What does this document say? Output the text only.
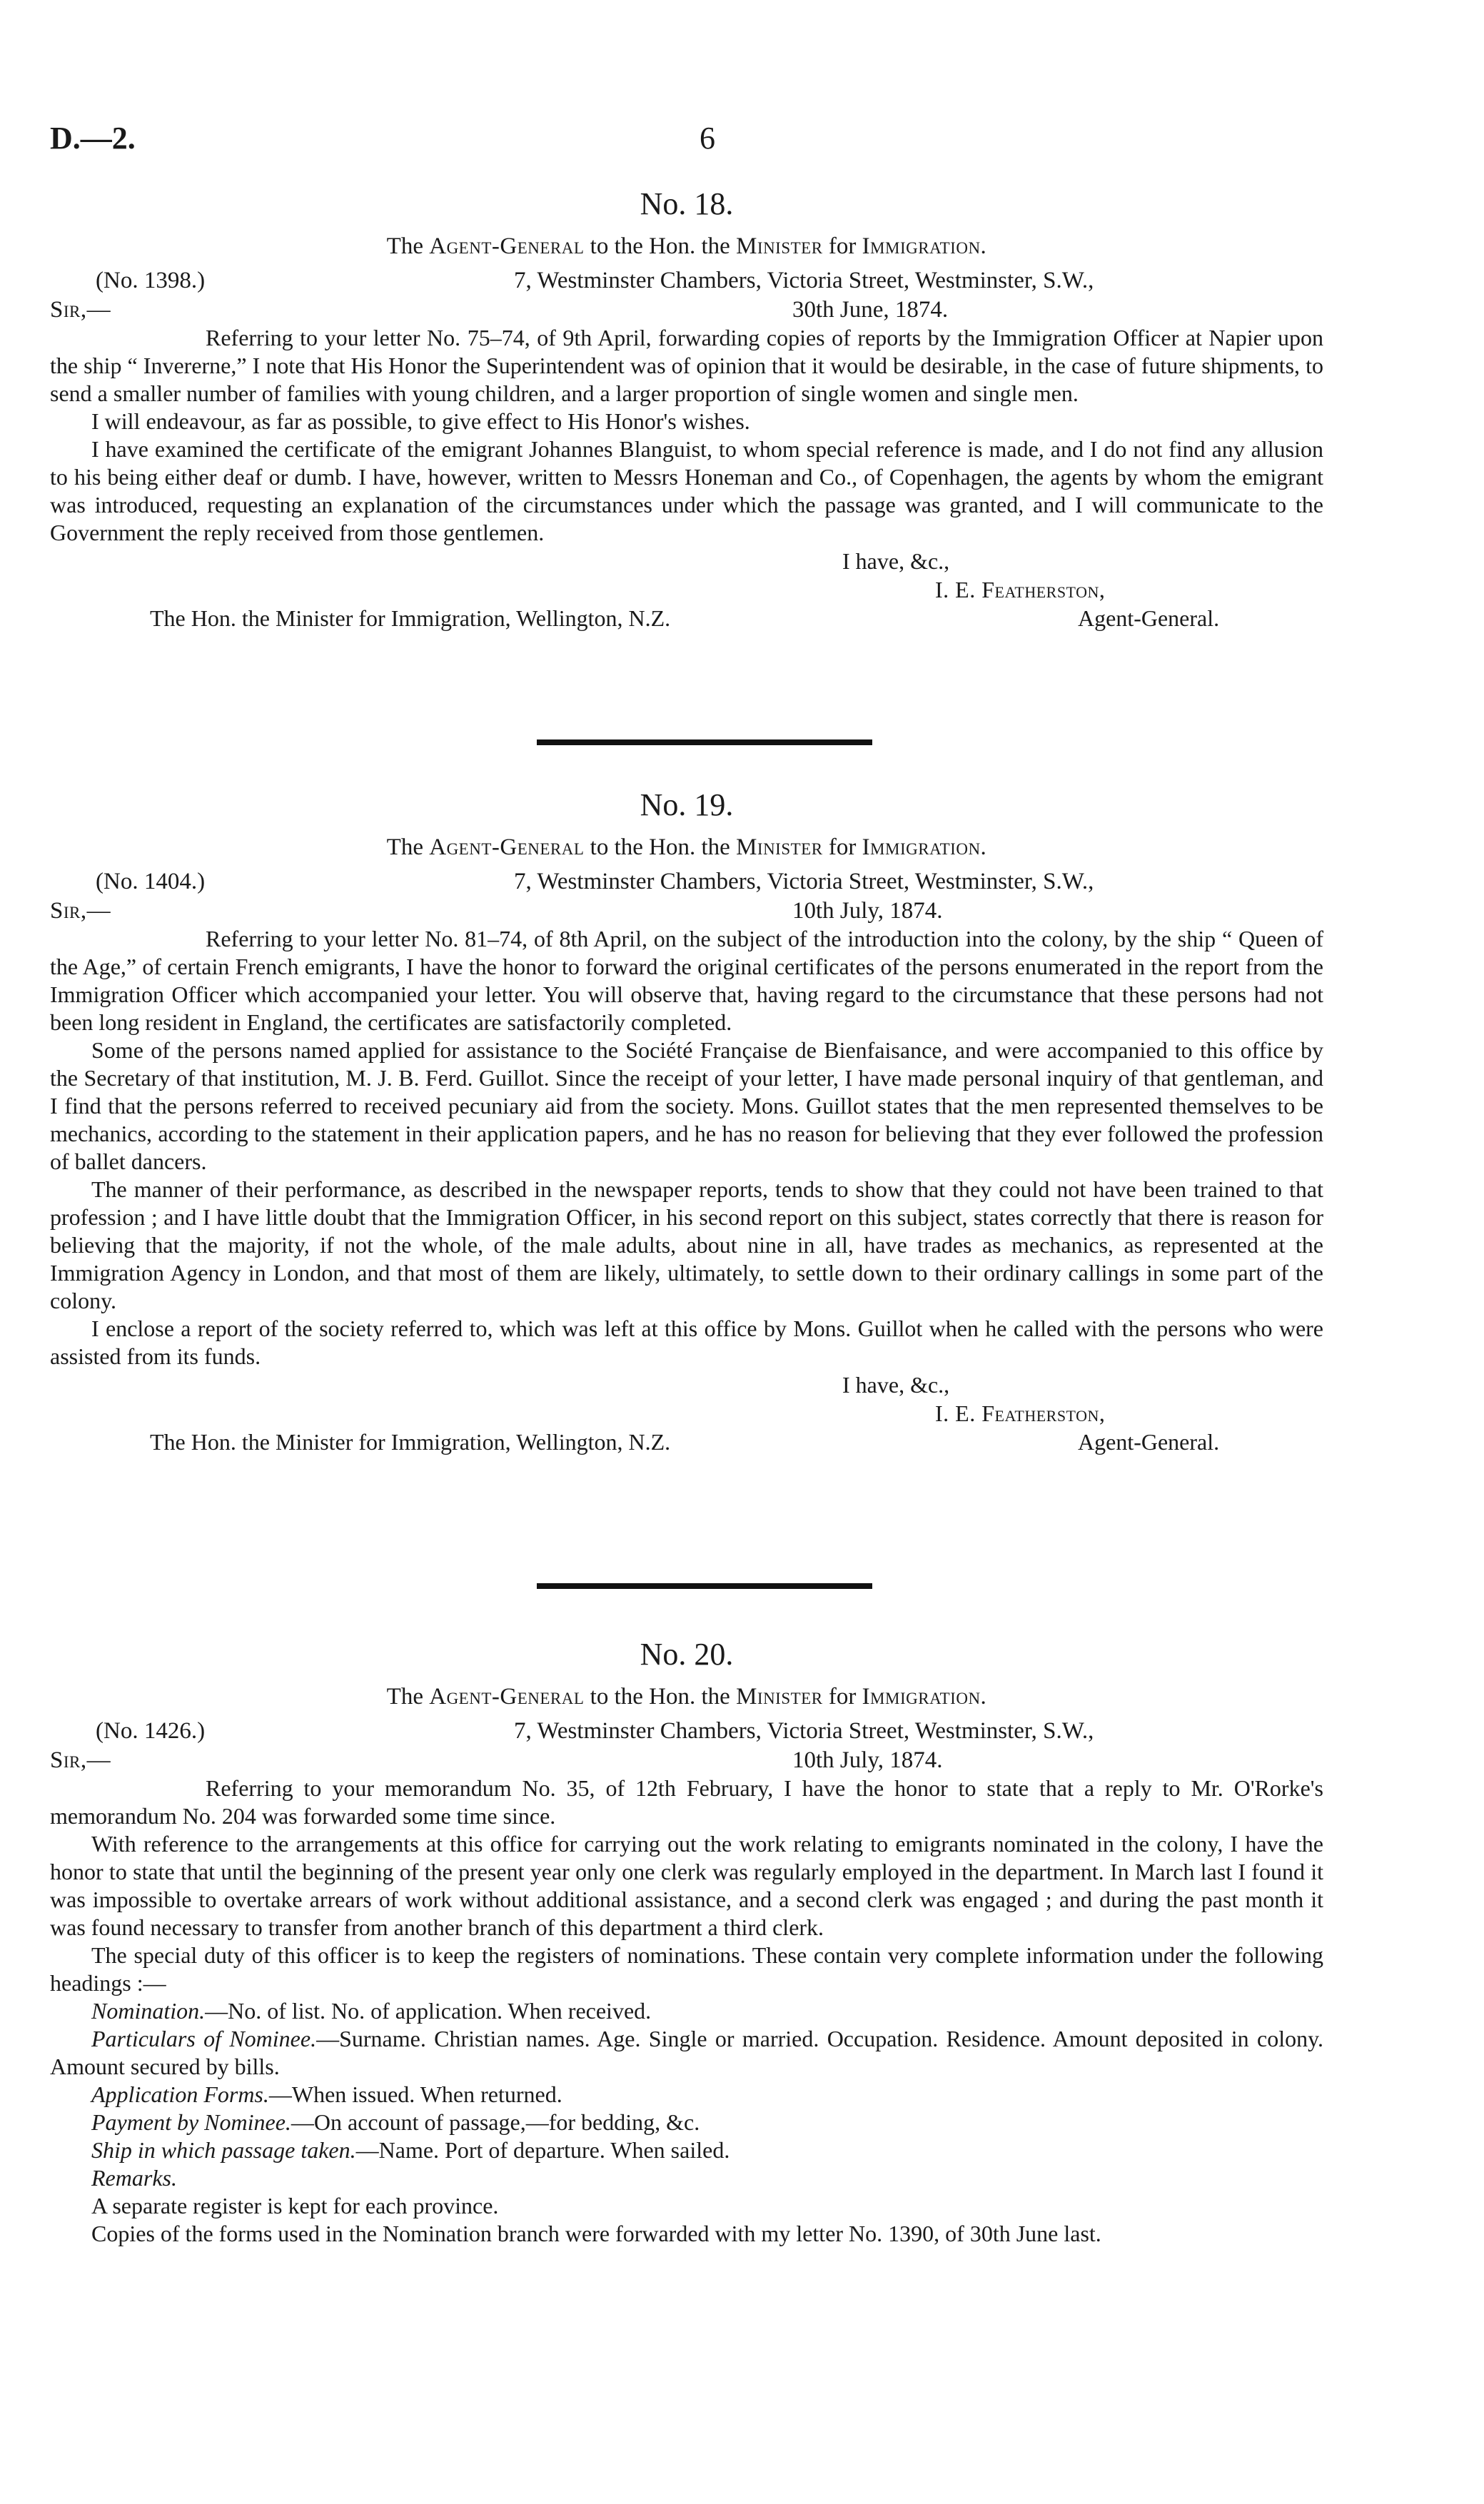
D.—2.	6
No. 18.
The Agent-General to the Hon. the Minister for Immigration.
(No. 1398.)	7, Westminster Chambers, Victoria Street, Westminster, S.W.,
Sir,—	30th June, 1874.

Referring to your letter No. 75–74, of 9th April, forwarding copies of reports by the Immigration Officer at Napier upon the ship “ Invererne,” I note that His Honor the Superintendent was of opinion that it would be desirable, in the case of future shipments, to send a smaller number of families with young children, and a larger proportion of single women and single men.

I will endeavour, as far as possible, to give effect to His Honor's wishes.

I have examined the certificate of the emigrant Johannes Blanguist, to whom special reference is made, and I do not find any allusion to his being either deaf or dumb. I have, however, written to Messrs Honeman and Co., of Copenhagen, the agents by whom the emigrant was introduced, requesting an explanation of the circumstances under which the passage was granted, and I will communicate to the Government the reply received from those gentlemen.

I have, &c.,
I. E. Featherston,
The Hon. the Minister for Immigration, Wellington, N.Z.	Agent-General.
No. 19.
The Agent-General to the Hon. the Minister for Immigration.
(No. 1404.)	7, Westminster Chambers, Victoria Street, Westminster, S.W.,
Sir,—	10th July, 1874.

Referring to your letter No. 81–74, of 8th April, on the subject of the introduction into the colony, by the ship “ Queen of the Age,” of certain French emigrants, I have the honor to forward the original certificates of the persons enumerated in the report from the Immigration Officer which accompanied your letter. You will observe that, having regard to the circumstance that these persons had not been long resident in England, the certificates are satisfactorily completed.

Some of the persons named applied for assistance to the Société Française de Bienfaisance, and were accompanied to this office by the Secretary of that institution, M. J. B. Ferd. Guillot. Since the receipt of your letter, I have made personal inquiry of that gentleman, and I find that the persons referred to received pecuniary aid from the society. Mons. Guillot states that the men represented themselves to be mechanics, according to the statement in their application papers, and he has no reason for believing that they ever followed the profession of ballet dancers.

The manner of their performance, as described in the newspaper reports, tends to show that they could not have been trained to that profession ; and I have little doubt that the Immigration Officer, in his second report on this subject, states correctly that there is reason for believing that the majority, if not the whole, of the male adults, about nine in all, have trades as mechanics, as represented at the Immigration Agency in London, and that most of them are likely, ultimately, to settle down to their ordinary callings in some part of the colony.

I enclose a report of the society referred to, which was left at this office by Mons. Guillot when he called with the persons who were assisted from its funds.

I have, &c.,
I. E. Featherston,
The Hon. the Minister for Immigration, Wellington, N.Z.	Agent-General.
No. 20.
The Agent-General to the Hon. the Minister for Immigration.
(No. 1426.)	7, Westminster Chambers, Victoria Street, Westminster, S.W.,
Sir,—	10th July, 1874.

Referring to your memorandum No. 35, of 12th February, I have the honor to state that a reply to Mr. O'Rorke's memorandum No. 204 was forwarded some time since.

With reference to the arrangements at this office for carrying out the work relating to emigrants nominated in the colony, I have the honor to state that until the beginning of the present year only one clerk was regularly employed in the department. In March last I found it was impossible to overtake arrears of work without additional assistance, and a second clerk was engaged ; and during the past month it was found necessary to transfer from another branch of this department a third clerk.

The special duty of this officer is to keep the registers of nominations. These contain very complete information under the following headings :—

Nomination.—No. of list. No. of application. When received.

Particulars of Nominee.—Surname. Christian names. Age. Single or married. Occupation. Residence. Amount deposited in colony. Amount secured by bills.

Application Forms.—When issued. When returned.

Payment by Nominee.—On account of passage,—for bedding, &c.

Ship in which passage taken.—Name. Port of departure. When sailed.

Remarks.

A separate register is kept for each province.

Copies of the forms used in the Nomination branch were forwarded with my letter No. 1390, of 30th June last.
